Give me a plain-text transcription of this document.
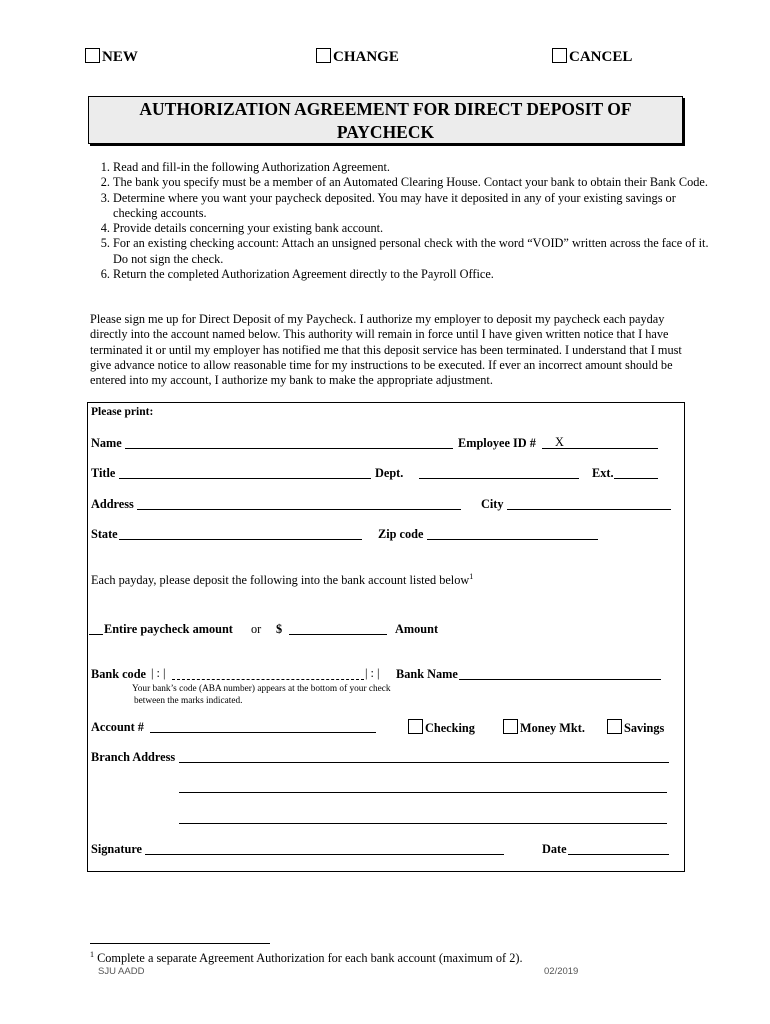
NEW	CHANGE	CANCEL
AUTHORIZATION AGREEMENT FOR DIRECT DEPOSIT OF
PAYCHECK
1. Read and fill-in the following Authorization Agreement.
2. The bank you specify must be a member of an Automated Clearing House. Contact your bank to obtain their Bank Code.
3. Determine where you want your paycheck deposited. You may have it deposited in any of your existing savings or checking accounts.
4. Provide details concerning your existing bank account.
5. For an existing checking account: Attach an unsigned personal check with the word “VOID” written across the face of it. Do not sign the check.
6. Return the completed Authorization Agreement directly to the Payroll Office.
Please sign me up for Direct Deposit of my Paycheck. I authorize my employer to deposit my paycheck each payday directly into the account named below. This authority will remain in force until I have given written notice that I have terminated it or until my employer has notified me that this deposit service has been terminated. I understand that I must give advance notice to allow reasonable time for my instructions to be executed. If ever an incorrect amount should be entered into my account, I authorize my bank to make the appropriate adjustment.
Please print:
Name	Employee ID # X
Title	Dept.	Ext.
Address	City
State	Zip code
Each payday, please deposit the following into the bank account listed below$^1$
Entire paycheck amount or $	Amount
Bank code | : |	| : | Bank Name
Your bank’s code (ABA number) appears at the bottom of your check
between the marks indicated.
Account #	Checking	Money Mkt.	Savings
Branch Address
Signature	Date
$^1$ Complete a separate Agreement Authorization for each bank account (maximum of 2).
SJU AADD	02/2019
